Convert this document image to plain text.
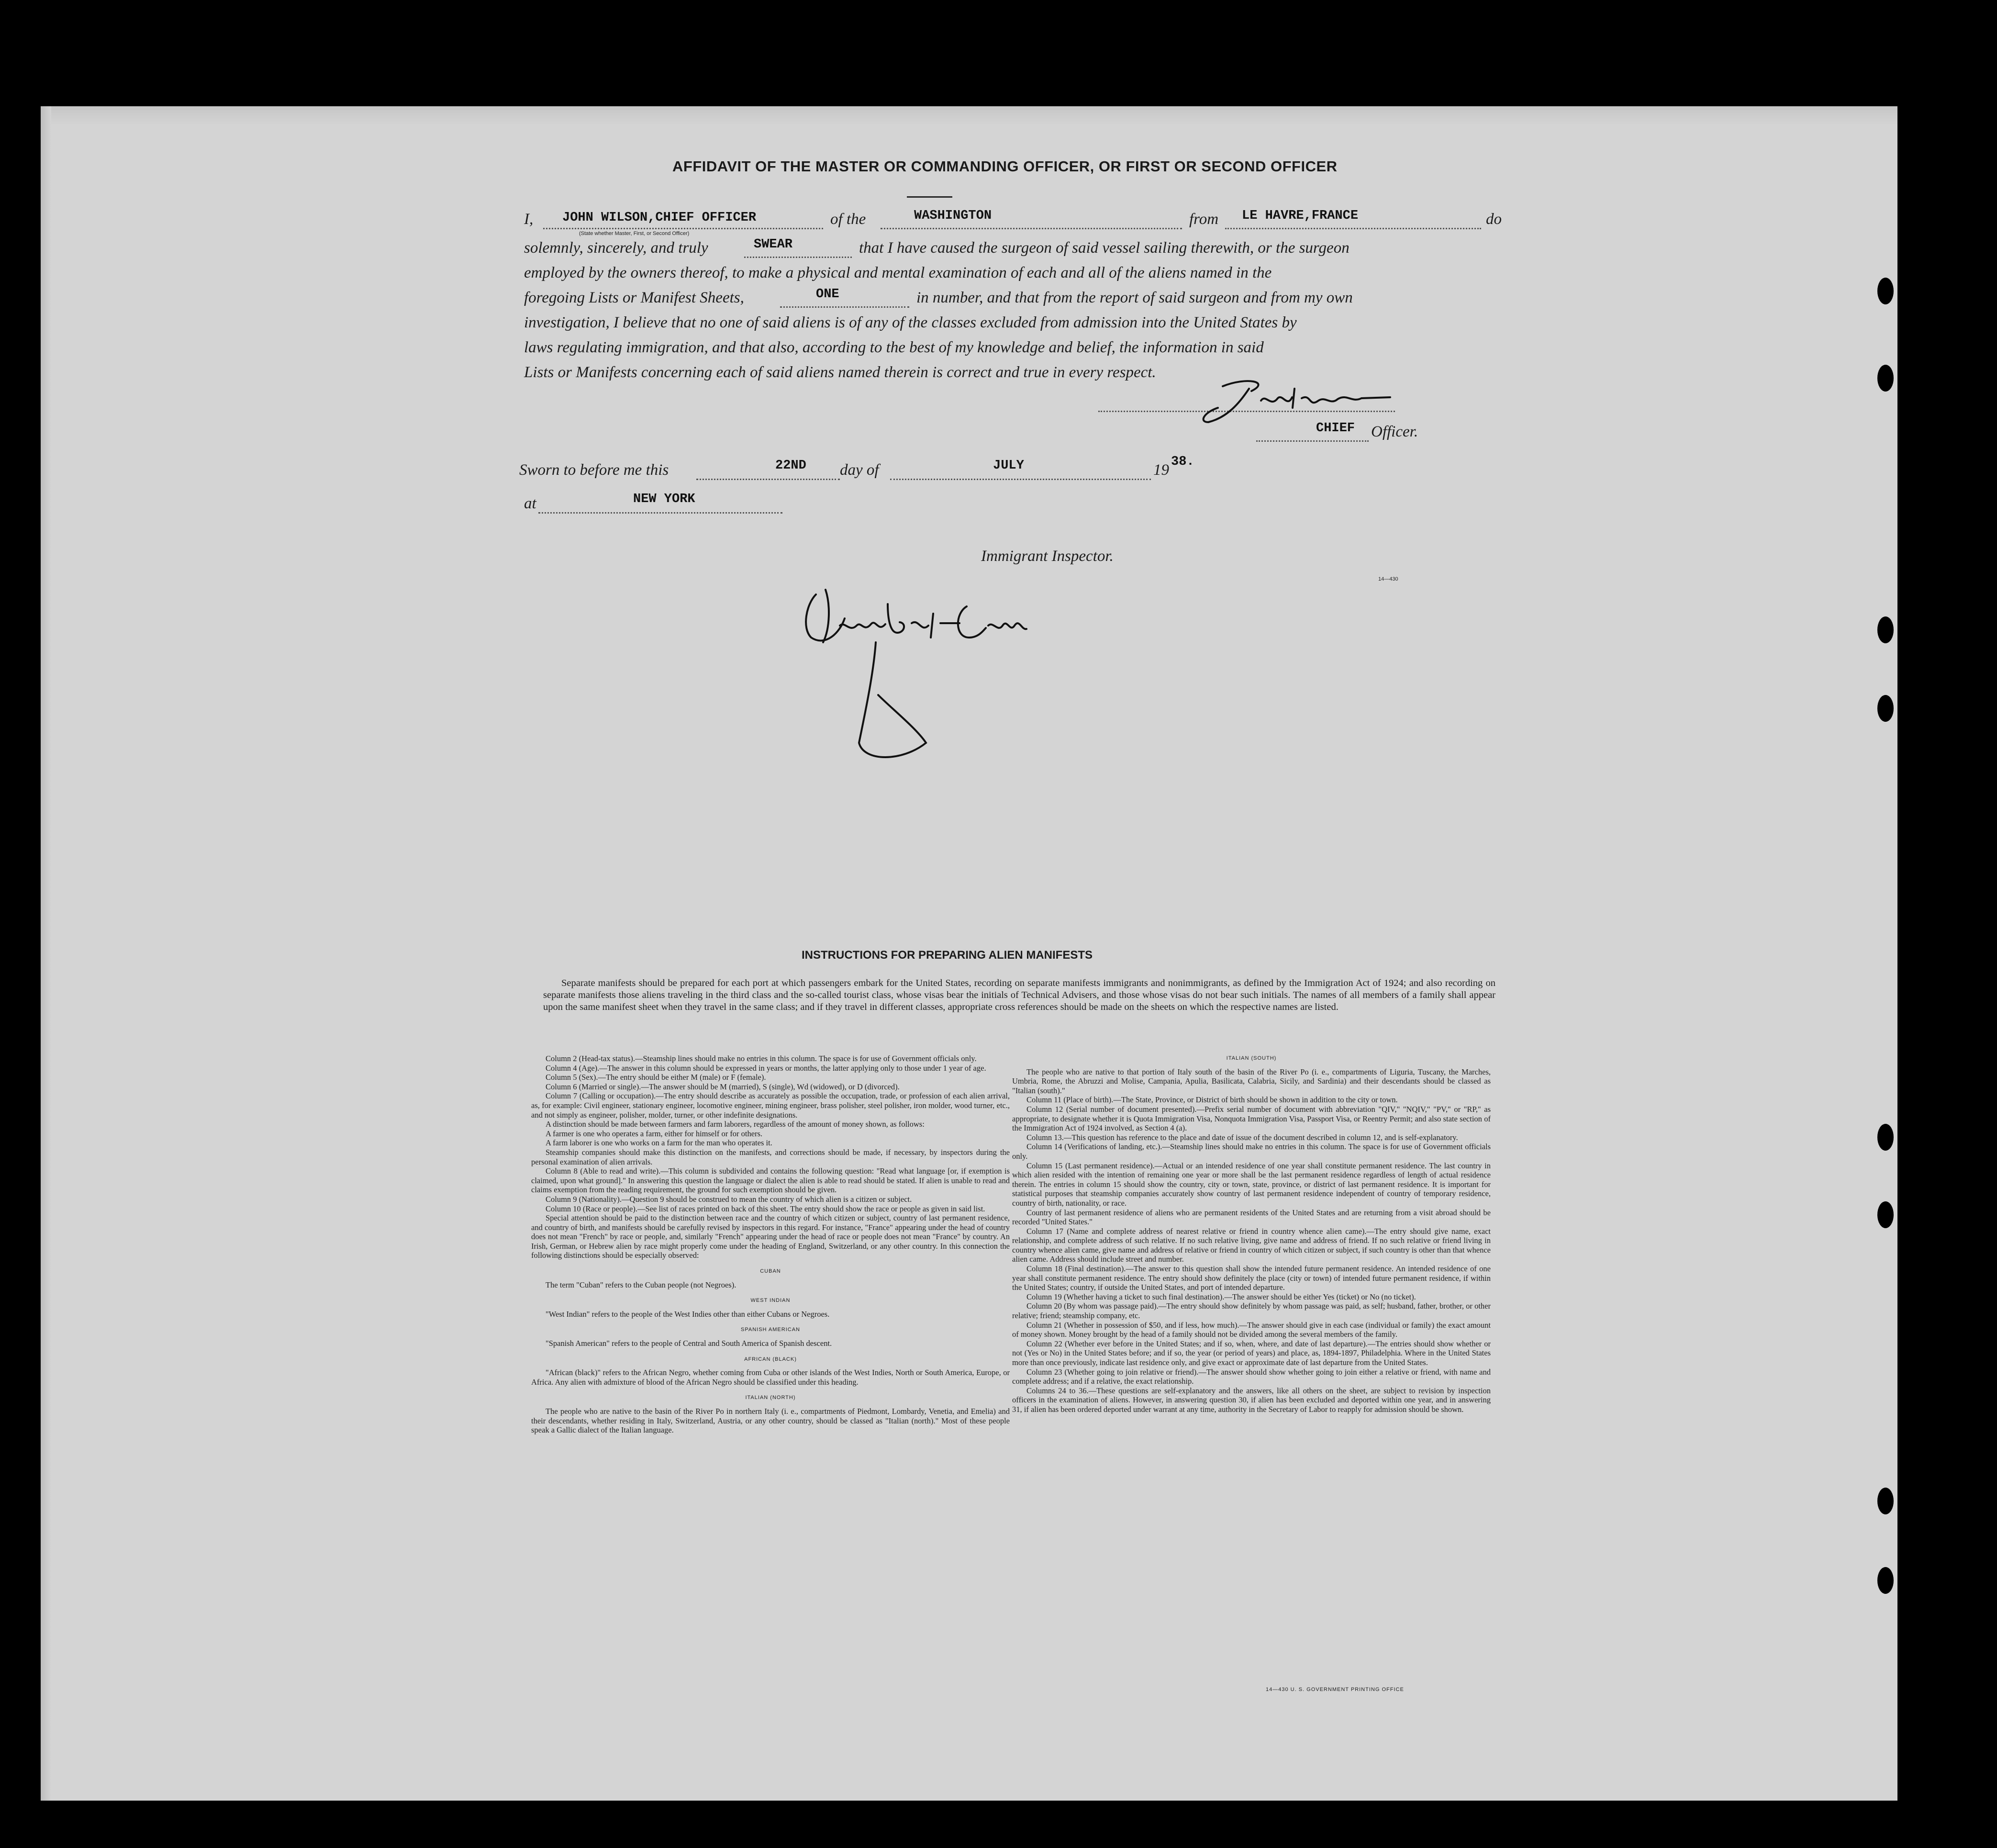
AFFIDAVIT OF THE MASTER OR COMMANDING OFFICER, OR FIRST OR SECOND OFFICER
I, JOHN WILSON,CHIEF OFFICER	of the	WASHINGTON	from LE HAVRE,FRANCE	do
(State whether Master, First, or Second Officer)
solemnly, sincerely, and truly	SWEAR	that I have caused the surgeon of said vessel sailing therewith, or the surgeon
employed by the owners thereof, to make a physical and mental examination of each and all of the aliens named in the
foregoing Lists or Manifest Sheets,	ONE	in number, and that from the report of said surgeon and from my own
investigation, I believe that no one of said aliens is of any of the classes excluded from admission into the United States by
laws regulating immigration, and that also, according to the best of my knowledge and belief, the information in said
Lists or Manifests concerning each of said aliens named therein is correct and true in every respect.
CHIEF Officer.
Sworn to before me this	22ND day of	JULY	19 38.
at	NEW YORK
Immigrant Inspector.
14—430
INSTRUCTIONS FOR PREPARING ALIEN MANIFESTS
Separate manifests should be prepared for each port at which passengers embark for the United States, recording on separate manifests immigrants and nonimmigrants, as defined by the Immigration Act of 1924; and also recording on separate manifests those aliens traveling in the third class and the so-called tourist class, whose visas bear the initials of Technical Advisers, and those whose visas do not bear such initials. The names of all members of a family shall appear upon the same manifest sheet when they travel in the same class; and if they travel in different classes, appropriate cross references should be made on the sheets on which the respective names are listed.

Column 2 (Head-tax status).—Steamship lines should make no entries in this column. The space is for use of Government officials only.

Column 4 (Age).—The answer in this column should be expressed in years or months, the latter applying only to those under 1 year of age.

Column 5 (Sex).—The entry should be either M (male) or F (female).

Column 6 (Married or single).—The answer should be M (married), S (single), Wd (widowed), or D (divorced).

Column 7 (Calling or occupation).—The entry should describe as accurately as possible the occupation, trade, or profession of each alien arrival, as, for example: Civil engineer, stationary engineer, locomotive engineer, mining engineer, brass polisher, steel polisher, iron molder, wood turner, etc., and not simply as engineer, polisher, molder, turner, or other indefinite designations.

A distinction should be made between farmers and farm laborers, regardless of the amount of money shown, as follows:

A farmer is one who operates a farm, either for himself or for others.

A farm laborer is one who works on a farm for the man who operates it.

Steamship companies should make this distinction on the manifests, and corrections should be made, if necessary, by inspectors during the personal examination of alien arrivals.

Column 8 (Able to read and write).—This column is subdivided and contains the following question: "Read what language [or, if exemption is claimed, upon what ground]." In answering this question the language or dialect the alien is able to read should be stated. If alien is unable to read and claims exemption from the reading requirement, the ground for such exemption should be given.

Column 9 (Nationality).—Question 9 should be construed to mean the country of which alien is a citizen or subject.

Column 10 (Race or people).—See list of races printed on back of this sheet. The entry should show the race or people as given in said list.

Special attention should be paid to the distinction between race and the country of which citizen or subject, country of last permanent residence, and country of birth, and manifests should be carefully revised by inspectors in this regard. For instance, "France" appearing under the head of country does not mean "French" by race or people, and, similarly "French" appearing under the head of race or people does not mean "France" by country. An Irish, German, or Hebrew alien by race might properly come under the heading of England, Switzerland, or any other country. In this connection the following distinctions should be especially observed:

CUBAN

The term "Cuban" refers to the Cuban people (not Negroes).

WEST INDIAN

"West Indian" refers to the people of the West Indies other than either Cubans or Negroes.

SPANISH AMERICAN

"Spanish American" refers to the people of Central and South America of Spanish descent.

AFRICAN (BLACK)

"African (black)" refers to the African Negro, whether coming from Cuba or other islands of the West Indies, North or South America, Europe, or Africa. Any alien with admixture of blood of the African Negro should be classified under this heading.

ITALIAN (NORTH)

The people who are native to the basin of the River Po in northern Italy (i. e., compartments of Piedmont, Lombardy, Venetia, and Emelia) and their descendants, whether residing in Italy, Switzerland, Austria, or any other country, should be classed as "Italian (north)." Most of these people speak a Gallic dialect of the Italian language.

ITALIAN (SOUTH)

The people who are native to that portion of Italy south of the basin of the River Po (i. e., compartments of Liguria, Tuscany, the Marches, Umbria, Rome, the Abruzzi and Molise, Campania, Apulia, Basilicata, Calabria, Sicily, and Sardinia) and their descendants should be classed as "Italian (south)."

Column 11 (Place of birth).—The State, Province, or District of birth should be shown in addition to the city or town.

Column 12 (Serial number of document presented).—Prefix serial number of document with abbreviation "QIV," "NQIV," "PV," or "RP," as appropriate, to designate whether it is Quota Immigration Visa, Nonquota Immigration Visa, Passport Visa, or Reentry Permit; and also state section of the Immigration Act of 1924 involved, as Section 4 (a).

Column 13.—This question has reference to the place and date of issue of the document described in column 12, and is self-explanatory.

Column 14 (Verifications of landing, etc.).—Steamship lines should make no entries in this column. The space is for use of Government officials only.

Column 15 (Last permanent residence).—Actual or an intended residence of one year shall constitute permanent residence. The last country in which alien resided with the intention of remaining one year or more shall be the last permanent residence regardless of length of actual residence therein. The entries in column 15 should show the country, city or town, state, province, or district of last permanent residence. It is important for statistical purposes that steamship companies accurately show country of last permanent residence independent of country of temporary residence, country of birth, nationality, or race.

Country of last permanent residence of aliens who are permanent residents of the United States and are returning from a visit abroad should be recorded "United States."

Column 17 (Name and complete address of nearest relative or friend in country whence alien came).—The entry should give name, exact relationship, and complete address of such relative. If no such relative living, give name and address of friend. If no such relative or friend living in country whence alien came, give name and address of relative or friend in country of which citizen or subject, if such country is other than that whence alien came. Address should include street and number.

Column 18 (Final destination).—The answer to this question shall show the intended future permanent residence. An intended residence of one year shall constitute permanent residence. The entry should show definitely the place (city or town) of intended future permanent residence, if within the United States; country, if outside the United States, and port of intended departure.

Column 19 (Whether having a ticket to such final destination).—The answer should be either Yes (ticket) or No (no ticket).

Column 20 (By whom was passage paid).—The entry should show definitely by whom passage was paid, as self; husband, father, brother, or other relative; friend; steamship company, etc.

Column 21 (Whether in possession of $50, and if less, how much).—The answer should give in each case (individual or family) the exact amount of money shown. Money brought by the head of a family should not be divided among the several members of the family.

Column 22 (Whether ever before in the United States; and if so, when, where, and date of last departure).—The entries should show whether or not (Yes or No) in the United States before; and if so, the year (or period of years) and place, as, 1894-1897, Philadelphia. Where in the United States more than once previously, indicate last residence only, and give exact or approximate date of last departure from the United States.

Column 23 (Whether going to join relative or friend).—The answer should show whether going to join either a relative or friend, with name and complete address; and if a relative, the exact relationship.

Columns 24 to 36.—These questions are self-explanatory and the answers, like all others on the sheet, are subject to revision by inspection officers in the examination of aliens. However, in answering question 30, if alien has been excluded and deported within one year, and in answering 31, if alien has been ordered deported under warrant at any time, authority in the Secretary of Labor to reapply for admission should be shown.

14—430 U. S. GOVERNMENT PRINTING OFFICE
